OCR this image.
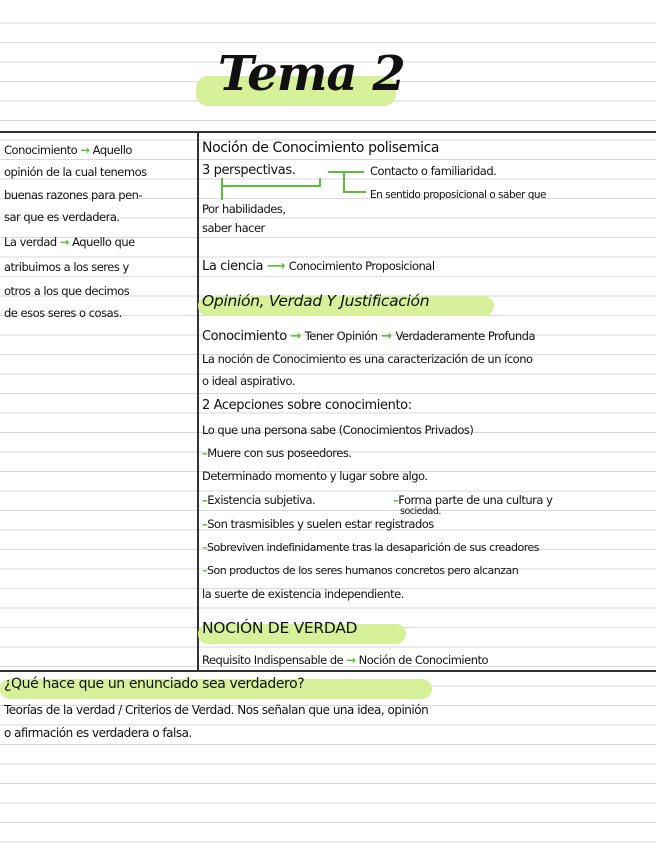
Tema 2
Conocimiento → Aquello
opinión de la cual tenemos
buenas razones para pen-
sar que es verdadera.
La verdad → Aquello que
atribuimos a los seres y
otros a los que decimos
de esos seres o cosas.
Noción de Conocimiento polisemica
3 perspectivas.	Contacto o familiaridad.
En sentido proposicional o saber que
Por habilidades,
saber hacer
La ciencia ⟶ Conocimiento Proposicional
Opinión, Verdad Y Justificación
Conocimiento → Tener Opinión → Verdaderamente Profunda
La noción de Conocimiento es una caracterización de un ícono
o ideal aspirativo.
2 Acepciones sobre conocimiento:
Lo que una persona sabe (Conocimientos Privados)
–Muere con sus poseedores.
Determinado momento y lugar sobre algo.
–Existencia subjetiva.	–Forma parte de una cultura y
sociedad.
–Son trasmisibles y suelen estar registrados
–Sobreviven indefinidamente tras la desaparición de sus creadores
–Son productos de los seres humanos concretos pero alcanzan
la suerte de existencia independiente.
NOCIÓN DE VERDAD
Requisito Indispensable de → Noción de Conocimiento
¿Qué hace que un enunciado sea verdadero?
Teorías de la verdad / Criterios de Verdad. Nos señalan que una idea, opinión
o afirmación es verdadera o falsa.
